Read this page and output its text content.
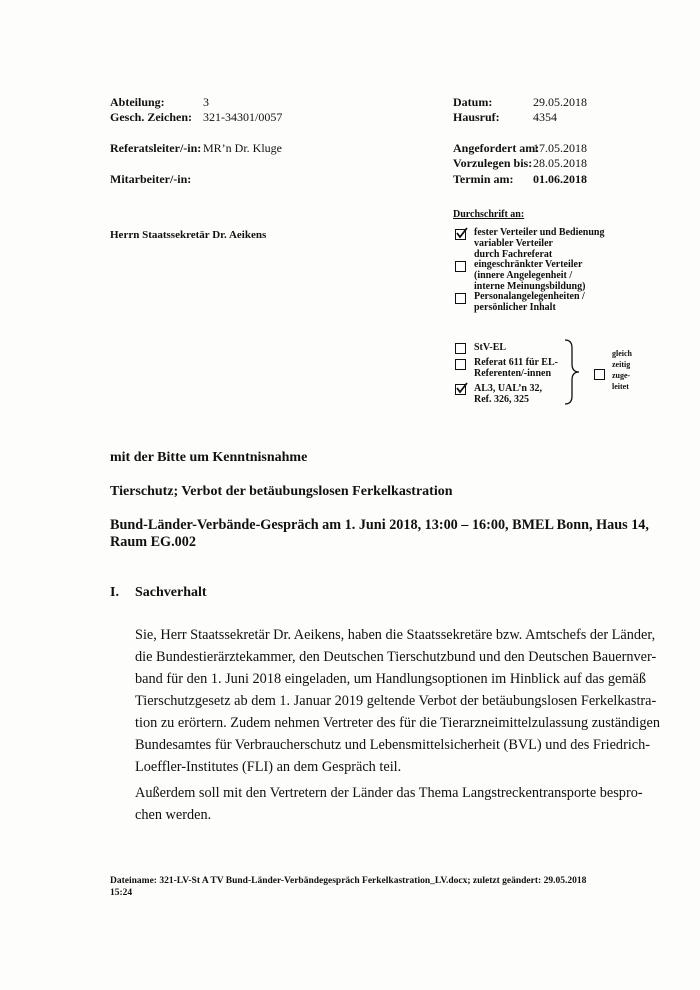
Abteilung:	3
Gesch. Zeichen: 321-34301/0057
Referatsleiter/-in: MR’n Dr. Kluge
Mitarbeiter/-in:
Datum:	29.05.2018
Hausruf:	4354
Angefordert am:
17.05.2018
Vorzulegen bis: 28.05.2018
Termin am: 01.06.2018
Herrn Staatssekretär Dr. Aeikens
Durchschrift an:
fester Verteiler und Bedienung
variabler Verteiler
durch Fachreferat
eingeschränkter Verteiler
(innere Angelegenheit /
interne Meinungsbildung)
Personalangelegenheiten /
persönlicher Inhalt
StV-EL
Referat 611 für EL-
Referenten/-innen
AL3, UAL’n 32,
Ref. 326, 325
gleich
zeitig
zuge-
leitet
mit der Bitte um Kenntnisnahme
Tierschutz; Verbot der betäubungslosen Ferkelkastration
Bund-Länder-Verbände-Gespräch am 1. Juni 2018, 13:00 – 16:00, BMEL Bonn, Haus 14,
Raum EG.002
I. Sachverhalt
Sie, Herr Staatssekretär Dr. Aeikens, haben die Staatssekretäre bzw. Amtschefs der Länder,
die Bundestierärztekammer, den Deutschen Tierschutzbund und den Deutschen Bauernver-
band für den 1. Juni 2018 eingeladen, um Handlungsoptionen im Hinblick auf das gemäß
Tierschutzgesetz ab dem 1. Januar 2019 geltende Verbot der betäubungslosen Ferkelkastra-
tion zu erörtern. Zudem nehmen Vertreter des für die Tierarzneimittelzulassung zuständigen
Bundesamtes für Verbraucherschutz und Lebensmittelsicherheit (BVL) und des Friedrich-
Loeffler-Institutes (FLI) an dem Gespräch teil.
Außerdem soll mit den Vertretern der Länder das Thema Langstreckentransporte bespro-
chen werden.
Dateiname: 321-LV-St A TV Bund-Länder-Verbändegespräch Ferkelkastration_LV.docx; zuletzt geändert: 29.05.2018
15:24
